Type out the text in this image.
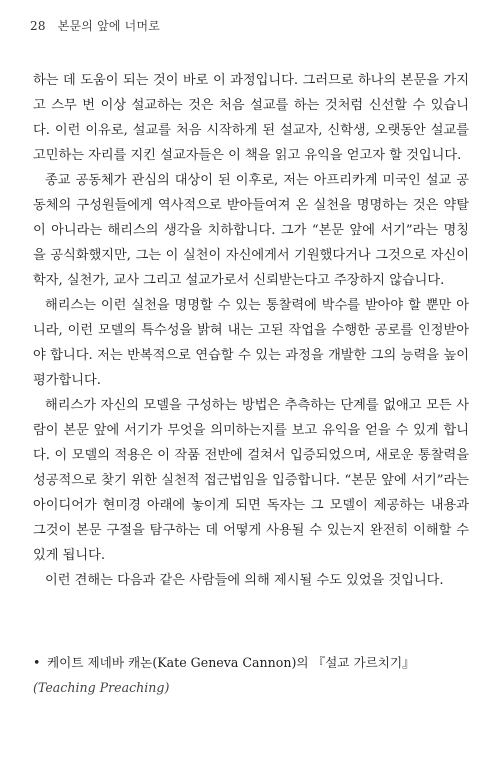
28 본문의 앞에 너머로

하는 데 도움이 되는 것이 바로 이 과정입니다. 그러므로 하나의 본문을 가지고 스무 번 이상 설교하는 것은 처음 설교를 하는 것처럼 신선할 수 있습니다. 이런 이유로, 설교를 처음 시작하게 된 설교자, 신학생, 오랫동안 설교를 고민하는 자리를 지킨 설교자들은 이 책을 읽고 유익을 얻고자 할 것입니다.

종교 공동체가 관심의 대상이 된 이후로, 저는 아프리카계 미국인 설교 공동체의 구성원들에게 역사적으로 받아들여져 온 실천을 명명하는 것은 약탈이 아니라는 해리스의 생각을 치하합니다. 그가 “본문 앞에 서기”라는 명칭을 공식화했지만, 그는 이 실천이 자신에게서 기원했다거나 그것으로 자신이 학자, 실천가, 교사 그리고 설교가로서 신뢰받는다고 주장하지 않습니다.

해리스는 이런 실천을 명명할 수 있는 통찰력에 박수를 받아야 할 뿐만 아니라, 이런 모델의 특수성을 밝혀 내는 고된 작업을 수행한 공로를 인정받아야 합니다. 저는 반복적으로 연습할 수 있는 과정을 개발한 그의 능력을 높이 평가합니다.

해리스가 자신의 모델을 구성하는 방법은 추측하는 단계를 없애고 모든 사람이 본문 앞에 서기가 무엇을 의미하는지를 보고 유익을 얻을 수 있게 합니다. 이 모델의 적용은 이 작품 전반에 걸쳐서 입증되었으며, 새로운 통찰력을 성공적으로 찾기 위한 실천적 접근법임을 입증합니다. “본문 앞에 서기”라는 아이디어가 현미경 아래에 놓이게 되면 독자는 그 모델이 제공하는 내용과 그것이 본문 구절을 탐구하는 데 어떻게 사용될 수 있는지 완전히 이해할 수 있게 됩니다.

이런 견해는 다음과 같은 사람들에 의해 제시될 수도 있었을 것입니다.

• 케이트 제네바 캐논(Kate Geneva Cannon)의 『설교 가르치기』(Teaching Preaching)
